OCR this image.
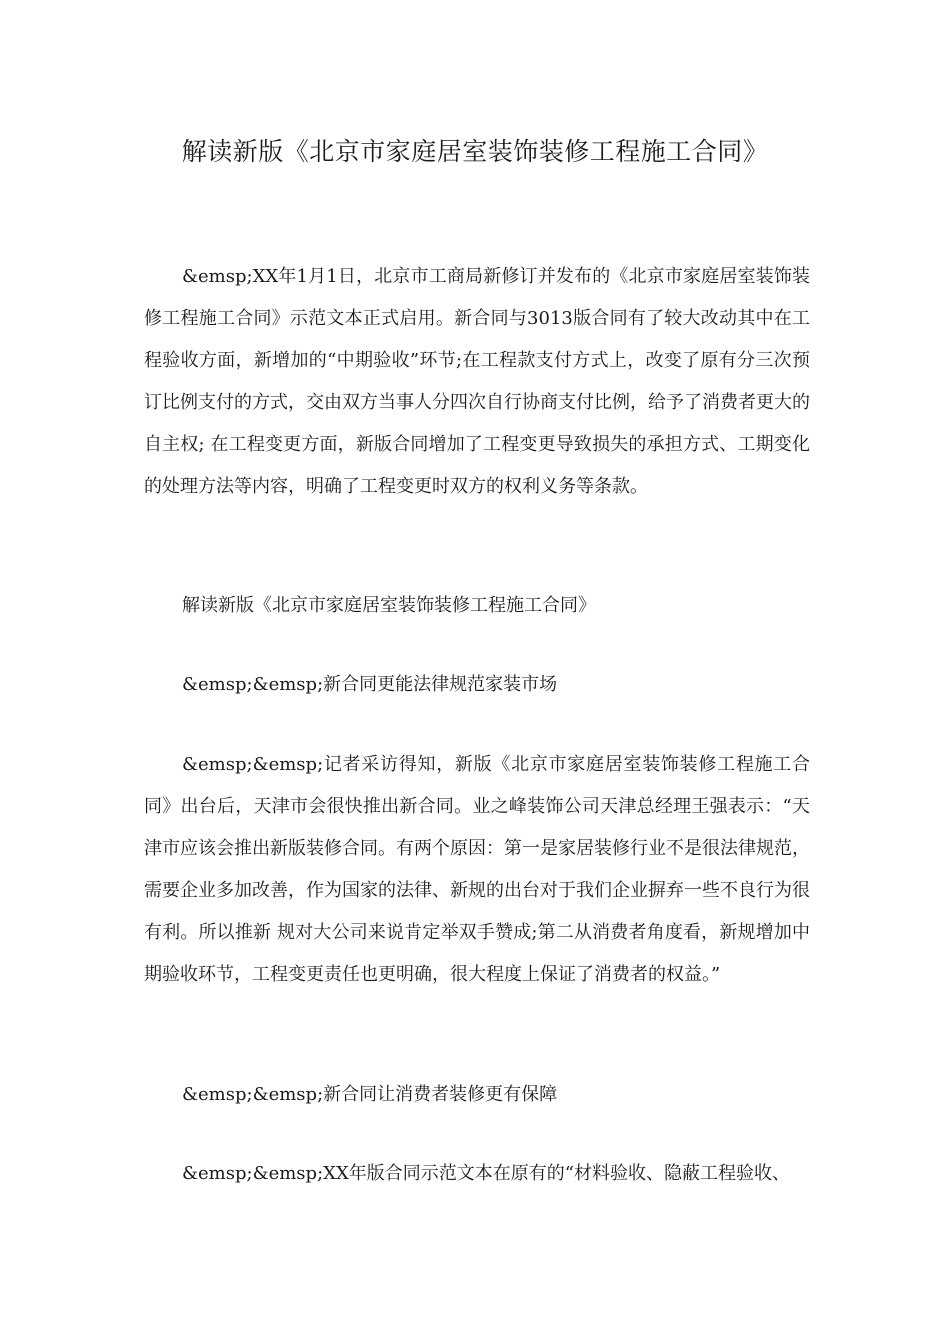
解读新版《北京市家庭居室装饰装修工程施工合同》

&emsp;XX年1月1日，北京市工商局新修订并发布的《北京市家庭居室装饰装修工程施工合同》示范文本正式启用。新合同与3013版合同有了较大改动其中在工程验收方面，新增加的“中期验收”环节;在工程款支付方式上，改变了原有分三次预订比例支付的方式，交由双方当事人分四次自行协商支付比例，给予了消费者更大的自主权; 在工程变更方面，新版合同增加了工程变更导致损失的承担方式、工期变化的处理方法等内容，明确了工程变更时双方的权利义务等条款。

解读新版《北京市家庭居室装饰装修工程施工合同》

&emsp;&emsp;新合同更能法律规范家装市场

&emsp;&emsp;记者采访得知，新版《北京市家庭居室装饰装修工程施工合同》出台后，天津市会很快推出新合同。业之峰装饰公司天津总经理王强表示：“天津市应该会推出新版装修合同。有两个原因：第一是家居装修行业不是很法律规范，需要企业多加改善，作为国家的法律、新规的出台对于我们企业摒弃一些不良行为很有利。所以推新 规对大公司来说肯定举双手赞成;第二从消费者角度看，新规增加中期验收环节，工程变更责任也更明确，很大程度上保证了消费者的权益。”

&emsp;&emsp;新合同让消费者装修更有保障

&emsp;&emsp;XX年版合同示范文本在原有的“材料验收、隐蔽工程验收、
